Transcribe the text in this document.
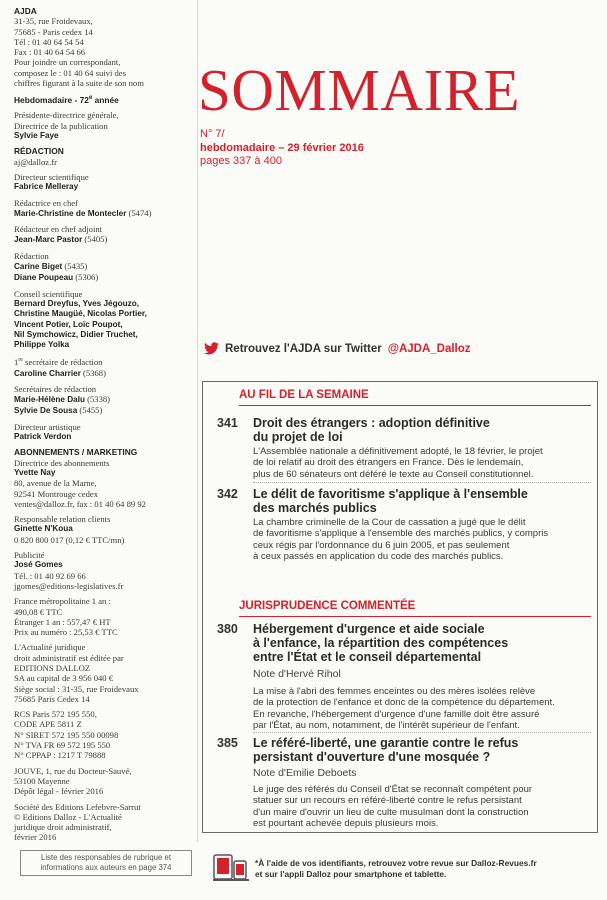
AJDA
31-35, rue Froidevaux,
75685 - Paris cedex 14
Tél : 01 40 64 54 54
Fax : 01 40 64 54 66
Pour joindre un correspondant,
composez le : 01 40 64 suivi des
chiffres figurant à la suite de son nom
Hebdomadaire - 72e année
Présidente-directrice générale,
Directrice de la publication
Sylvie Faye
RÉDACTION
aj@dalloz.fr
Directeur scientifique
Fabrice Melleray
Rédactrice en chef
Marie-Christine de Montecler (5474)
Rédacteur en chef adjoint
Jean-Marc Pastor (5405)
Rédaction
Carine Biget (5435)
Diane Poupeau (5306)
Conseil scientifique
Bernard Dreyfus, Yves Jégouzo,
Christine Maugüé, Nicolas Portier,
Vincent Potier, Loïc Poupot,
Nil Symchowicz, Didier Truchet,
Philippe Yolka
1re secrétaire de rédaction
Caroline Charrier (5368)
Secrétaires de rédaction
Marie-Hélène Dalu (5338)
Sylvie De Sousa (5455)
Directeur artistique
Patrick Verdon
ABONNEMENTS / MARKETING
Directrice des abonnements
Yvette Nay
80, avenue de la Marne,
92541 Montrouge cedex
ventes@dalloz.fr, fax : 01 40 64 89 92
Responsable relation clients
Ginette N'Koua
0 820 800 017 (0,12 € TTC/mn)
Publicité
José Gomes
Tél. : 01 40 92 69 66
jgomes@editions-legislatives.fr
France métropolitaine 1 an :
490,08 € TTC
Étranger 1 an : 557,47 € HT
Prix au numéro : 25,53 € TTC
L'Actualité juridique
droit administratif est éditée par
EDITIONS DALLOZ
SA au capital de 3 956 040 €
Siège social : 31-35, rue Froidevaux
75685 Paris Cedex 14
RCS Paris 572 195 550,
CODE APE 5811 Z
N° SIRET 572 195 550 00098
N° TVA FR 69 572 195 550
N° CPPAP : 1217 T 79888
JOUVE, 1, rue du Docteur-Sauvé,
53100 Mayenne
Dépôt légal - février 2016
Société des Editions Lefebvre-Sarrut
© Editions Dalloz - L'Actualité
juridique droit administratif,
février 2016
Liste des responsables de rubrique et informations aux auteurs en page 374
SOMMAIRE
N° 7/
hebdomadaire – 29 février 2016
pages 337 à 400
Retrouvez l'AJDA sur Twitter @AJDA_Dalloz
AU FIL DE LA SEMAINE
341 Droit des étrangers : adoption définitive
du projet de loi
L'Assemblée nationale a définitivement adopté, le 18 février, le projet
de loi relatif au droit des étrangers en France. Dès le lendemain,
plus de 60 sénateurs ont déféré le texte au Conseil constitutionnel.
342 Le délit de favoritisme s'applique à l'ensemble
des marchés publics
La chambre criminelle de la Cour de cassation a jugé que le délit
de favoritisme s'applique à l'ensemble des marchés publics, y compris
ceux régis par l'ordonnance du 6 juin 2005, et pas seulement
à ceux passés en application du code des marchés publics.
JURISPRUDENCE COMMENTÉE
380 Hébergement d'urgence et aide sociale
à l'enfance, la répartition des compétences
entre l'État et le conseil départemental
Note d'Hervé Rihol
La mise à l'abri des femmes enceintes ou des mères isolées relève
de la protection de l'enfance et donc de la compétence du département.
En revanche, l'hébergement d'urgence d'une famille doit être assuré
par l'État, au nom, notamment, de l'intérêt supérieur de l'enfant.
385 Le référé-liberté, une garantie contre le refus
persistant d'ouverture d'une mosquée ?
Note d'Emilie Deboets
Le juge des référés du Conseil d'État se reconnaît compétent pour
statuer sur un recours en référé-liberté contre le refus persistant
d'un maire d'ouvrir un lieu de culte musulman dont la construction
est pourtant achevée depuis plusieurs mois.
*À l'aide de vos identifiants, retrouvez votre revue sur Dalloz-Revues.fr
et sur l'appli Dalloz pour smartphone et tablette.
